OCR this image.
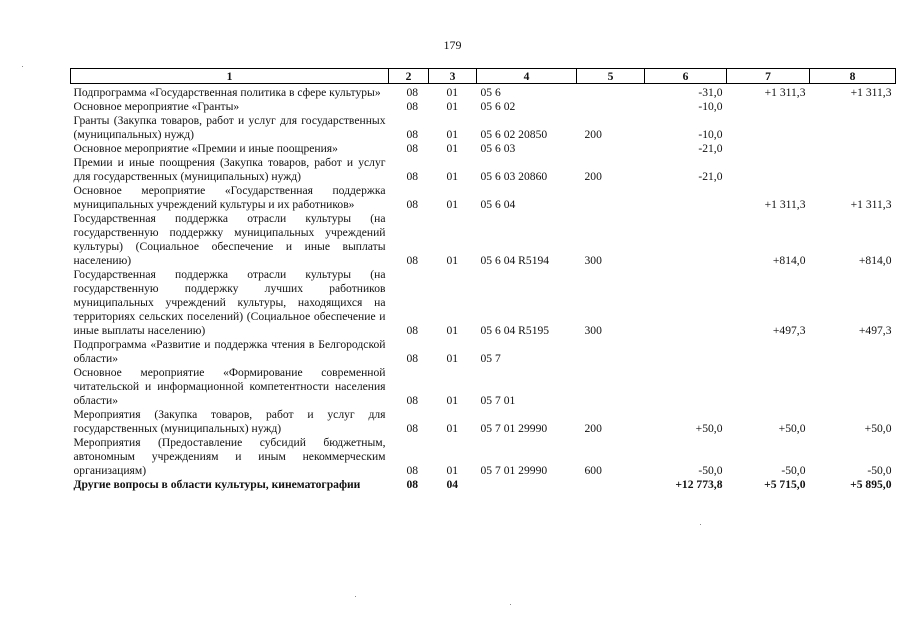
179
1	2	3	4	5	6	7	8
Подпрограмма «Государственная политика в сфере культуры»	08	01	05 6		-31,0	+1 311,3	+1 311,3
Основное мероприятие «Гранты»	08	01	05 6 02		-10,0		
Гранты (Закупка товаров, работ и услуг для государственных (муниципальных) нужд)	08	01	05 6 02 20850	200	-10,0		
Основное мероприятие «Премии и иные поощрения»	08	01	05 6 03		-21,0		
Премии и иные поощрения (Закупка товаров, работ и услуг для государственных (муниципальных) нужд)	08	01	05 6 03 20860	200	-21,0		
Основное мероприятие «Государственная поддержка муниципальных учреждений культуры и их работников»	08	01	05 6 04			+1 311,3	+1 311,3
Государственная поддержка отрасли культуры (на государственную поддержку муниципальных учреждений культуры) (Социальное обеспечение и иные выплаты населению)	08	01	05 6 04 R5194	300		+814,0	+814,0
Государственная поддержка отрасли культуры (на государственную поддержку лучших работников муниципальных учреждений культуры, находящихся на территориях сельских поселений) (Социальное обеспечение и иные выплаты населению)	08	01	05 6 04 R5195	300		+497,3	+497,3
Подпрограмма «Развитие и поддержка чтения в Белгородской области»	08	01	05 7				
Основное мероприятие «Формирование современной читательской и информационной компетентности населения области»	08	01	05 7 01				
Мероприятия (Закупка товаров, работ и услуг для государственных (муниципальных) нужд)	08	01	05 7 01 29990	200	+50,0	+50,0	+50,0
Мероприятия (Предоставление субсидий бюджетным, автономным учреждениям и иным некоммерческим организациям)	08	01	05 7 01 29990	600	-50,0	-50,0	-50,0
Другие вопросы в области культуры, кинематографии	08	04			+12 773,8	+5 715,0	+5 895,0
